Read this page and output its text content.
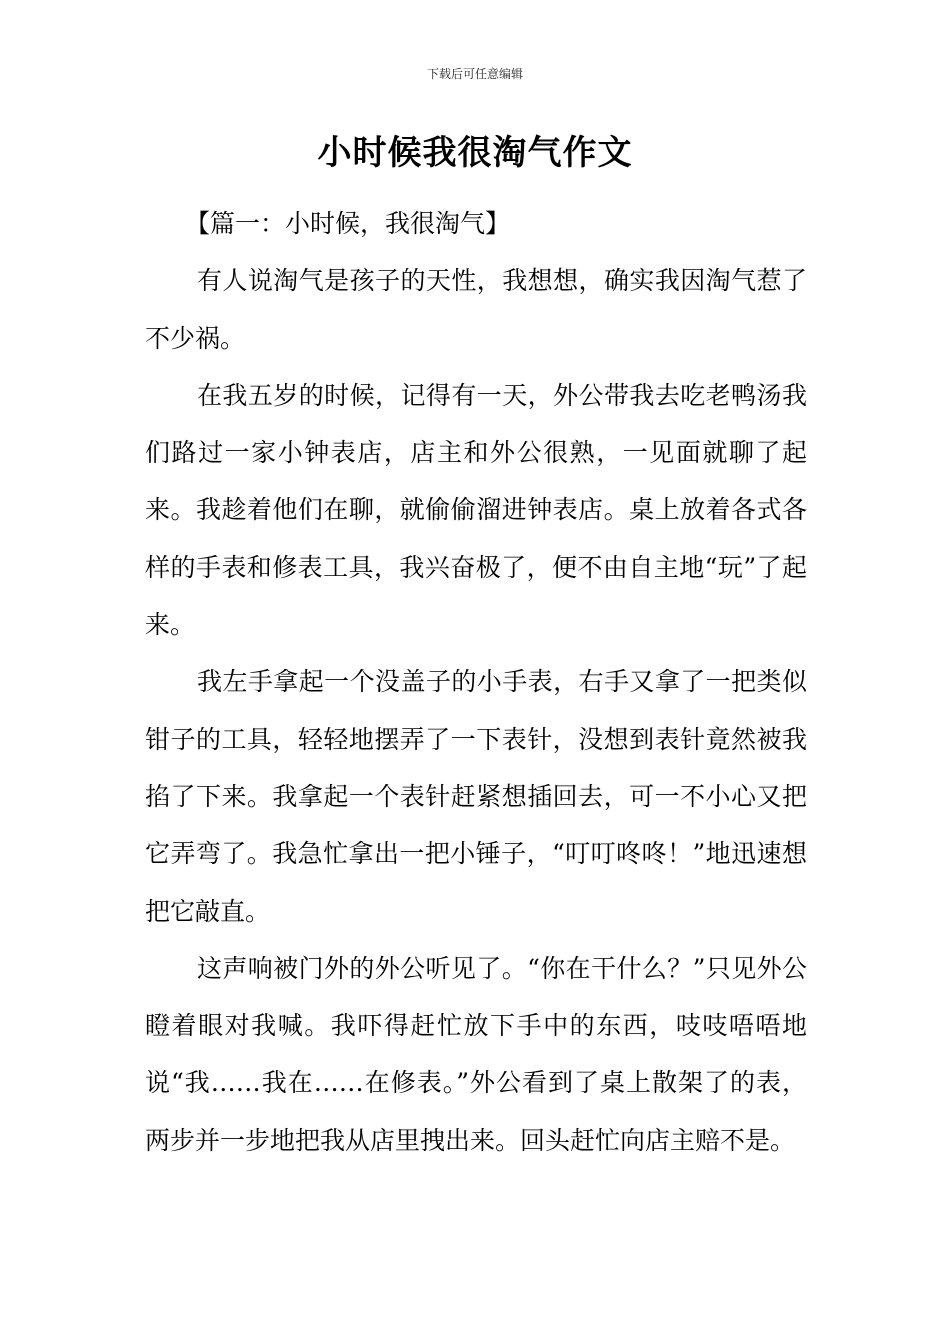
下载后可任意编辑
小时候我很淘气作文

【篇一：小时候，我很淘气】

有人说淘气是孩子的天性，我想想，确实我因淘气惹了不少祸。

在我五岁的时候，记得有一天，外公带我去吃老鸭汤我们路过一家小钟表店，店主和外公很熟，一见面就聊了起来。我趁着他们在聊，就偷偷溜进钟表店。桌上放着各式各样的手表和修表工具，我兴奋极了，便不由自主地“玩”了起来。

我左手拿起一个没盖子的小手表，右手又拿了一把类似钳子的工具，轻轻地摆弄了一下表针，没想到表针竟然被我掐了下来。我拿起一个表针赶紧想插回去，可一不小心又把它弄弯了。我急忙拿出一把小锤子，“叮叮咚咚！”地迅速想把它敲直。

这声响被门外的外公听见了。“你在干什么？”只见外公瞪着眼对我喊。我吓得赶忙放下手中的东西，吱吱唔唔地说“我……我在……在修表。”外公看到了桌上散架了的表，两步并一步地把我从店里拽出来。回头赶忙向店主赔不是。
